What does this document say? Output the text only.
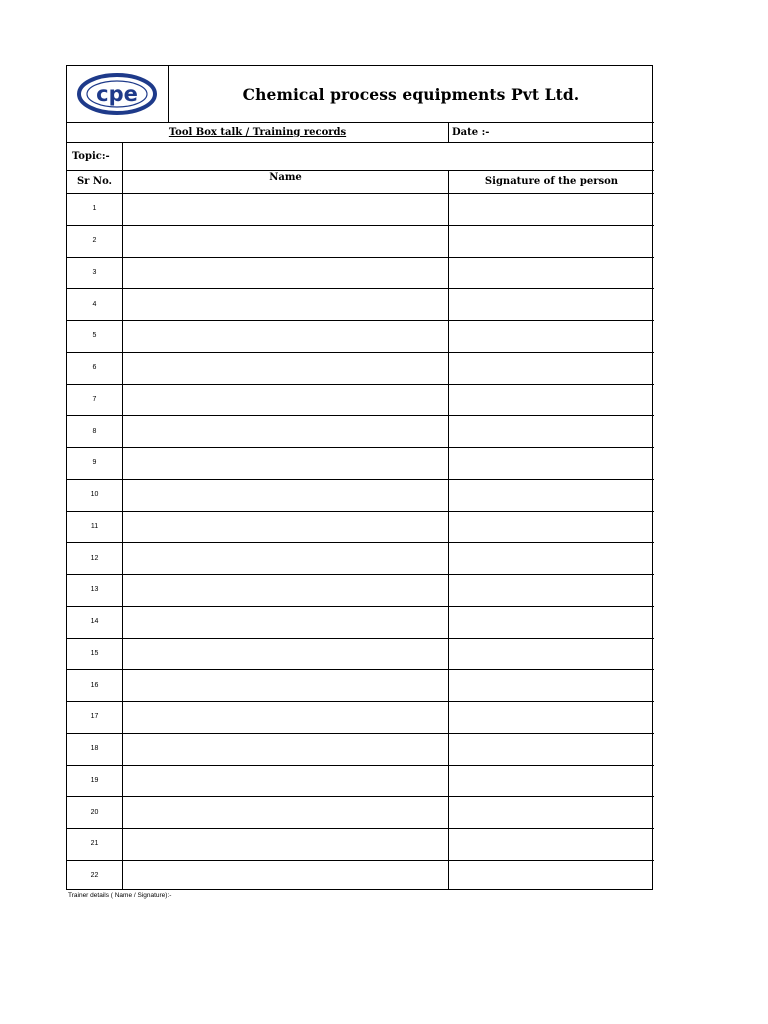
cpe	Chemical process equipments Pvt Ltd.
Tool Box talk / Training records	Date :-
Topic:-
Sr No.	Name	Signature of the person
1
2
3
4
5
6
7
8
9
10
11
12
13
14
15
16
17
18
19
20
21
22
Trainer details ( Name / Signature):-
